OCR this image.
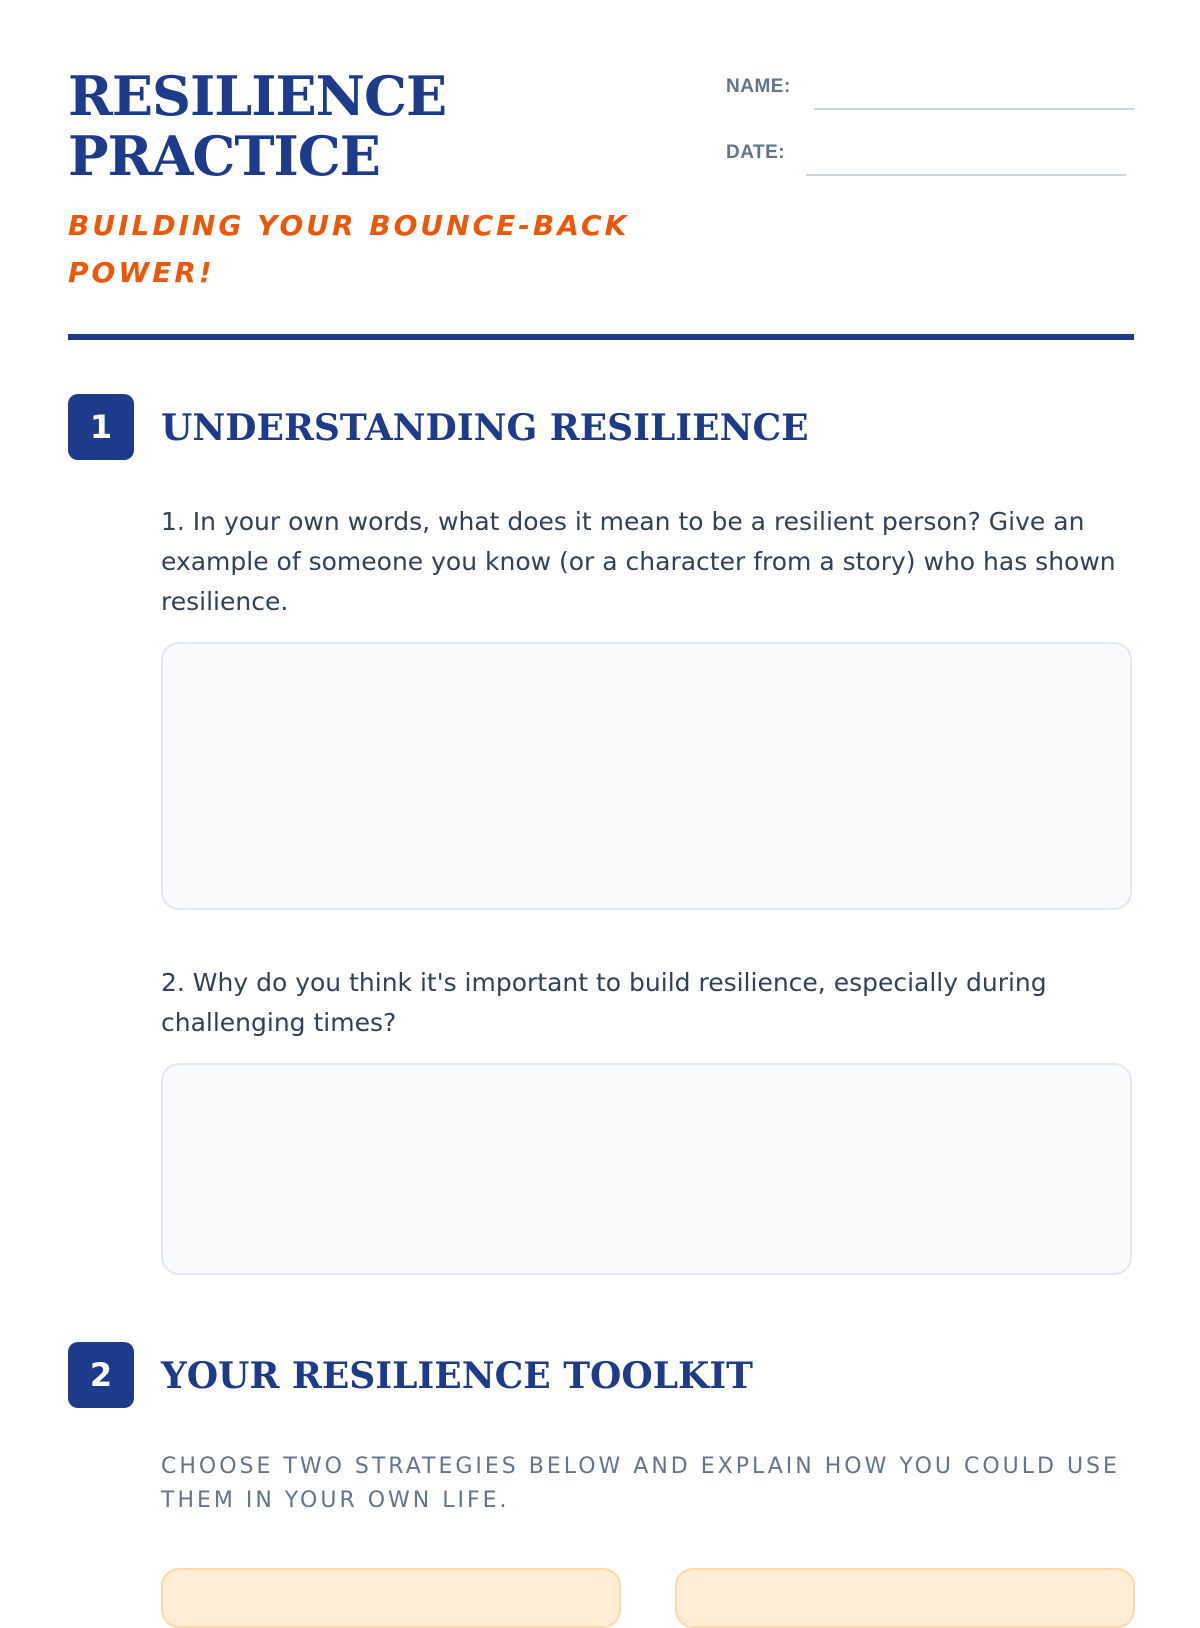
RESILIENCE
PRACTICE
BUILDING YOUR BOUNCE-BACK POWER!
NAME:
DATE:
1	UNDERSTANDING RESILIENCE

1. In your own words, what does it mean to be a resilient person? Give an example of someone you know (or a character from a story) who has shown resilience.

2. Why do you think it's important to build resilience, especially during challenging times?

2	YOUR RESILIENCE TOOLKIT

CHOOSE TWO STRATEGIES BELOW AND EXPLAIN HOW YOU COULD USE THEM IN YOUR OWN LIFE.
